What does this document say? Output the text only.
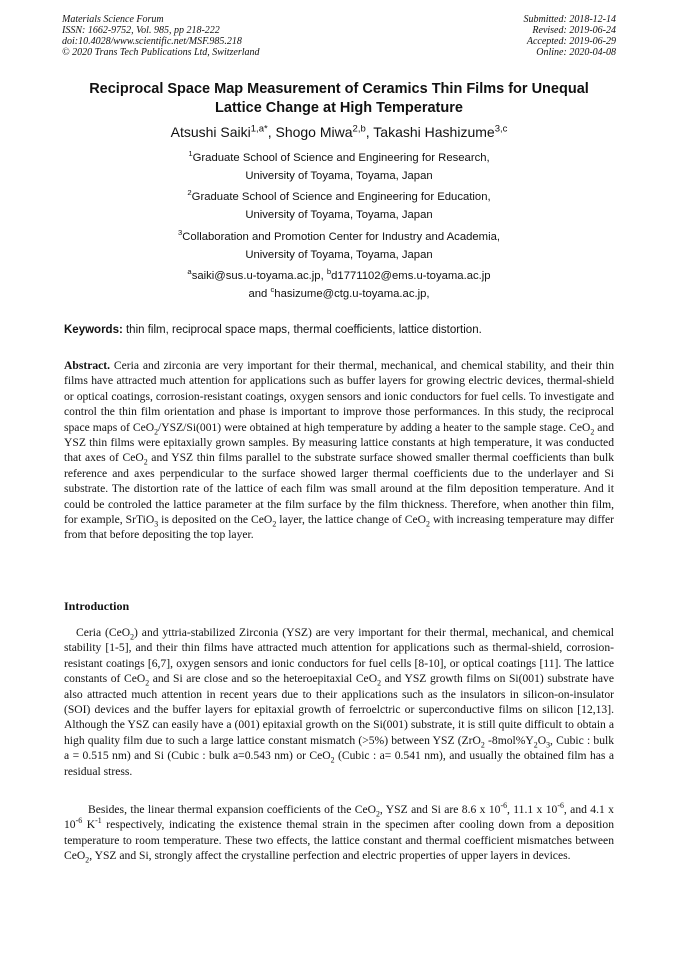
Materials Science Forum
ISSN: 1662-9752, Vol. 985, pp 218-222
doi:10.4028/www.scientific.net/MSF.985.218
© 2020 Trans Tech Publications Ltd, Switzerland
Submitted: 2018-12-14
Revised: 2019-06-24
Accepted: 2019-06-29
Online: 2020-04-08
Reciprocal Space Map Measurement of Ceramics Thin Films for Unequal
Lattice Change at High Temperature
Atsushi Saiki$^{1,a*}$, Shogo Miwa$^{2,b}$, Takashi Hashizume$^{3,c}$
$^1$Graduate School of Science and Engineering for Research,
University of Toyama, Toyama, Japan
$^2$Graduate School of Science and Engineering for Education,
University of Toyama, Toyama, Japan
$^3$Collaboration and Promotion Center for Industry and Academia,
University of Toyama, Toyama, Japan
$^a$saiki@sus.u-toyama.ac.jp, $^b$d1771102@ems.u-toyama.ac.jp
and $^c$hasizume@ctg.u-toyama.ac.jp,
Keywords: thin film, reciprocal space maps, thermal coefficients, lattice distortion.

Abstract. Ceria and zirconia are very important for their thermal, mechanical, and chemical stability, and their thin films have attracted much attention for applications such as buffer layers for growing electric devices, thermal-shield or optical coatings, corrosion-resistant coatings, oxygen sensors and ionic conductors for fuel cells. To investigate and control the thin film orientation and phase is important to improve those performances. In this study, the reciprocal space maps of CeO$_2$/YSZ/Si(001) were obtained at high temperature by adding a heater to the sample stage. CeO$_2$ and YSZ thin films were epitaxially grown samples. By measuring lattice constants at high temperature, it was conducted that axes of CeO$_2$ and YSZ thin films parallel to the substrate surface showed smaller thermal coefficients than bulk reference and axes perpendicular to the surface showed larger thermal coefficients due to the underlayer and Si substrate. The distortion rate of the lattice of each film was small around at the film deposition temperature. And it could be controled the lattice parameter at the film surface by the film thickness. Therefore, when another thin film, for example, SrTiO$_3$ is deposited on the CeO$_2$ layer, the lattice change of CeO$_2$ with increasing temperature may differ from that before depositing the top layer.

Introduction

Ceria (CeO$_2$) and yttria-stabilized Zirconia (YSZ) are very important for their thermal, mechanical, and chemical stability [1-5], and their thin films have attracted much attention for applications such as thermal-shield, corrosion-resistant coatings [6,7], oxygen sensors and ionic conductors for fuel cells [8-10], or optical coatings [11]. The lattice constants of CeO$_2$ and Si are close and so the heteroepitaxial CeO$_2$ and YSZ growth films on Si(001) substrate have also attracted much attention in recent years due to their applications such as the insulators in silicon-on-insulator (SOI) devices and the buffer layers for epitaxial growth of ferroelctric or superconductive films on silicon [12,13]. Although the YSZ can easily have a (001) epitaxial growth on the Si(001) substrate, it is still quite difficult to obtain a high quality film due to such a large lattice constant mismatch (>5%) between YSZ (ZrO$_2$ $-8mol\%Y_2O_3$, Cubic : bulk a = 0.515 nm) and Si (Cubic : bulk a=0.543 nm) or CeO$_2$ (Cubic : a= 0.541 nm), and usually the obtained film has a residual stress.

Besides, the linear thermal expansion coefficients of the CeO$_2$, YSZ and Si are 8.6 x $10^{-6}$, 11.1 x $10^{-6}$, and 4.1 x $10^{-6}$ $K^{-1}$ respectively, indicating the existence themal strain in the specimen after cooling down from a deposition temperature to room temperature. These two effects, the lattice constant and thermal coefficient mismatches between CeO$_2$, YSZ and Si, strongly affect the crystalline perfection and electric properties of upper layers in devices.
